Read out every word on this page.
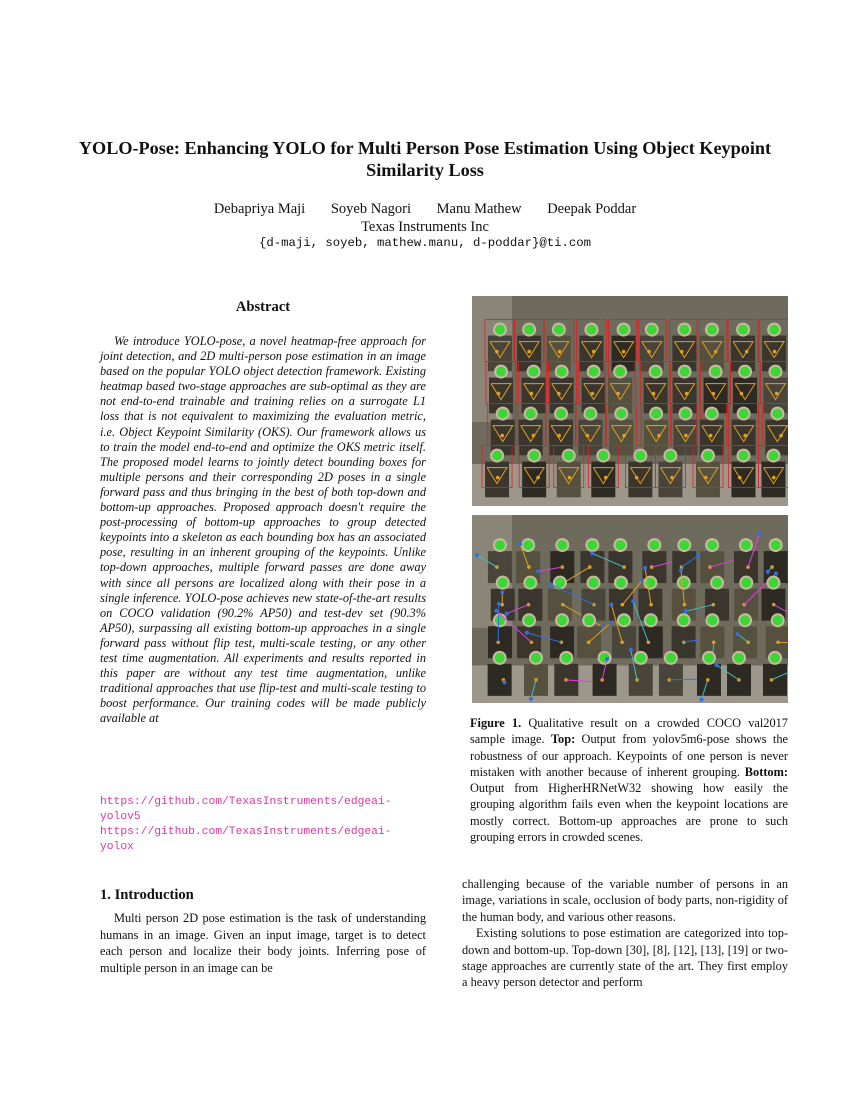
YOLO-Pose: Enhancing YOLO for Multi Person Pose Estimation Using Object Keypoint Similarity Loss
Debapriya Maji Soyeb Nagori Manu Mathew Deepak Poddar
Texas Instruments Inc
{d-maji, soyeb, mathew.manu, d-poddar}@ti.com
Abstract

We introduce YOLO-pose, a novel heatmap-free approach for joint detection, and 2D multi-person pose estimation in an image based on the popular YOLO object detection framework. Existing heatmap based two-stage approaches are sub-optimal as they are not end-to-end trainable and training relies on a surrogate L1 loss that is not equivalent to maximizing the evaluation metric, i.e. Object Keypoint Similarity (OKS). Our framework allows us to train the model end-to-end and optimize the OKS metric itself. The proposed model learns to jointly detect bounding boxes for multiple persons and their corresponding 2D poses in a single forward pass and thus bringing in the best of both top-down and bottom-up approaches. Proposed approach doesn't require the post-processing of bottom-up approaches to group detected keypoints into a skeleton as each bounding box has an associated pose, resulting in an inherent grouping of the keypoints. Unlike top-down approaches, multiple forward passes are done away with since all persons are localized along with their pose in a single inference. YOLO-pose achieves new state-of-the-art results on COCO validation (90.2% AP50) and test-dev set (90.3% AP50), surpassing all existing bottom-up approaches in a single forward pass without flip test, multi-scale testing, or any other test time augmentation. All experiments and results reported in this paper are without any test time augmentation, unlike traditional approaches that use flip-test and multi-scale testing to boost performance. Our training codes will be made publicly available at

https://github.com/TexasInstruments/edgeai-
yolov5
https://github.com/TexasInstruments/edgeai-
yolox
1. Introduction

Multi person 2D pose estimation is the task of understanding humans in an image. Given an input image, target is to detect each person and localize their body joints. Inferring pose of multiple person in an image can be

Figure 1. Qualitative result on a crowded COCO val2017 sample image. Top: Output from yolov5m6-pose shows the robustness of our approach. Keypoints of one person is never mistaken with another because of inherent grouping. Bottom: Output from HigherHRNetW32 showing how easily the grouping algorithm fails even when the keypoint locations are mostly correct. Bottom-up approaches are prone to such grouping errors in crowded scenes.

challenging because of the variable number of persons in an image, variations in scale, occlusion of body parts, non-rigidity of the human body, and various other reasons.

Existing solutions to pose estimation are categorized into top-down and bottom-up. Top-down [30], [8], [12], [13], [19] or two-stage approaches are currently state of the art. They first employ a heavy person detector and perform
